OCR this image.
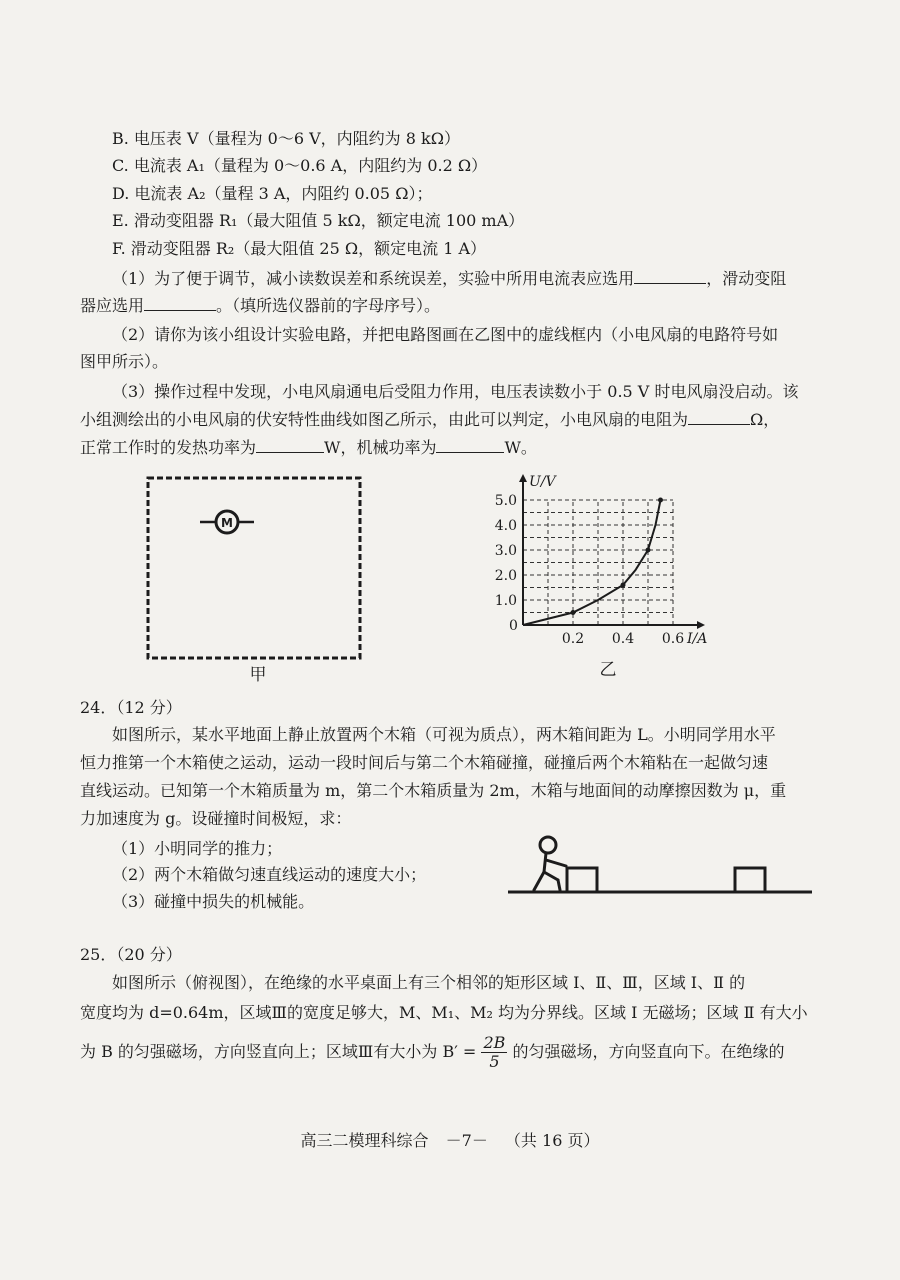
B. 电压表 V（量程为 0～6 V，内阻约为 8 kΩ）
C. 电流表 A₁（量程为 0～0.6 A，内阻约为 0.2 Ω）
D. 电流表 A₂（量程 3 A，内阻约 0.05 Ω）；
E. 滑动变阻器 R₁（最大阻值 5 kΩ，额定电流 100 mA）
F. 滑动变阻器 R₂（最大阻值 25 Ω，额定电流 1 A）
（1）为了便于调节，减小读数误差和系统误差，实验中所用电流表应选用	，滑动变阻
器应选用	。（填所选仪器前的字母序号）。
（2）请你为该小组设计实验电路，并把电路图画在乙图中的虚线框内（小电风扇的电路符号如
图甲所示）。
（3）操作过程中发现，小电风扇通电后受阻力作用，电压表读数小于 0.5 V 时电风扇没启动。该
小组测绘出的小电风扇的伏安特性曲线如图乙所示，由此可以判定，小电风扇的电阻为	Ω，
正常工作时的发热功率为	W，机械功率为	W。
M
甲
U/V
I/A
0
0.2 0.4 0.6
1.0
2.0
3.0
4.0
5.0
乙
24．（12 分）
如图所示，某水平地面上静止放置两个木箱（可视为质点），两木箱间距为 L。小明同学用水平
恒力推第一个木箱使之运动，运动一段时间后与第二个木箱碰撞，碰撞后两个木箱粘在一起做匀速
直线运动。已知第一个木箱质量为 m，第二个木箱质量为 2m，木箱与地面间的动摩擦因数为 μ，重
力加速度为 g。设碰撞时间极短，求：
（1）小明同学的推力；
（2）两个木箱做匀速直线运动的速度大小；
（3）碰撞中损失的机械能。
25．（20 分）
如图所示（俯视图），在绝缘的水平桌面上有三个相邻的矩形区域 Ⅰ、Ⅱ、Ⅲ，区域 Ⅰ、Ⅱ 的
宽度均为 d=0.64m，区域Ⅲ的宽度足够大，M、M₁、M₂ 均为分界线。区域 Ⅰ 无磁场；区域 Ⅱ 有大小
为 B 的匀强磁场，方向竖直向上；区域Ⅲ有大小为 $B' = \frac{2B}{5}$ 的匀强磁场，方向竖直向下。在绝缘的
高三二模理科综合 －7－ （共 16 页）
